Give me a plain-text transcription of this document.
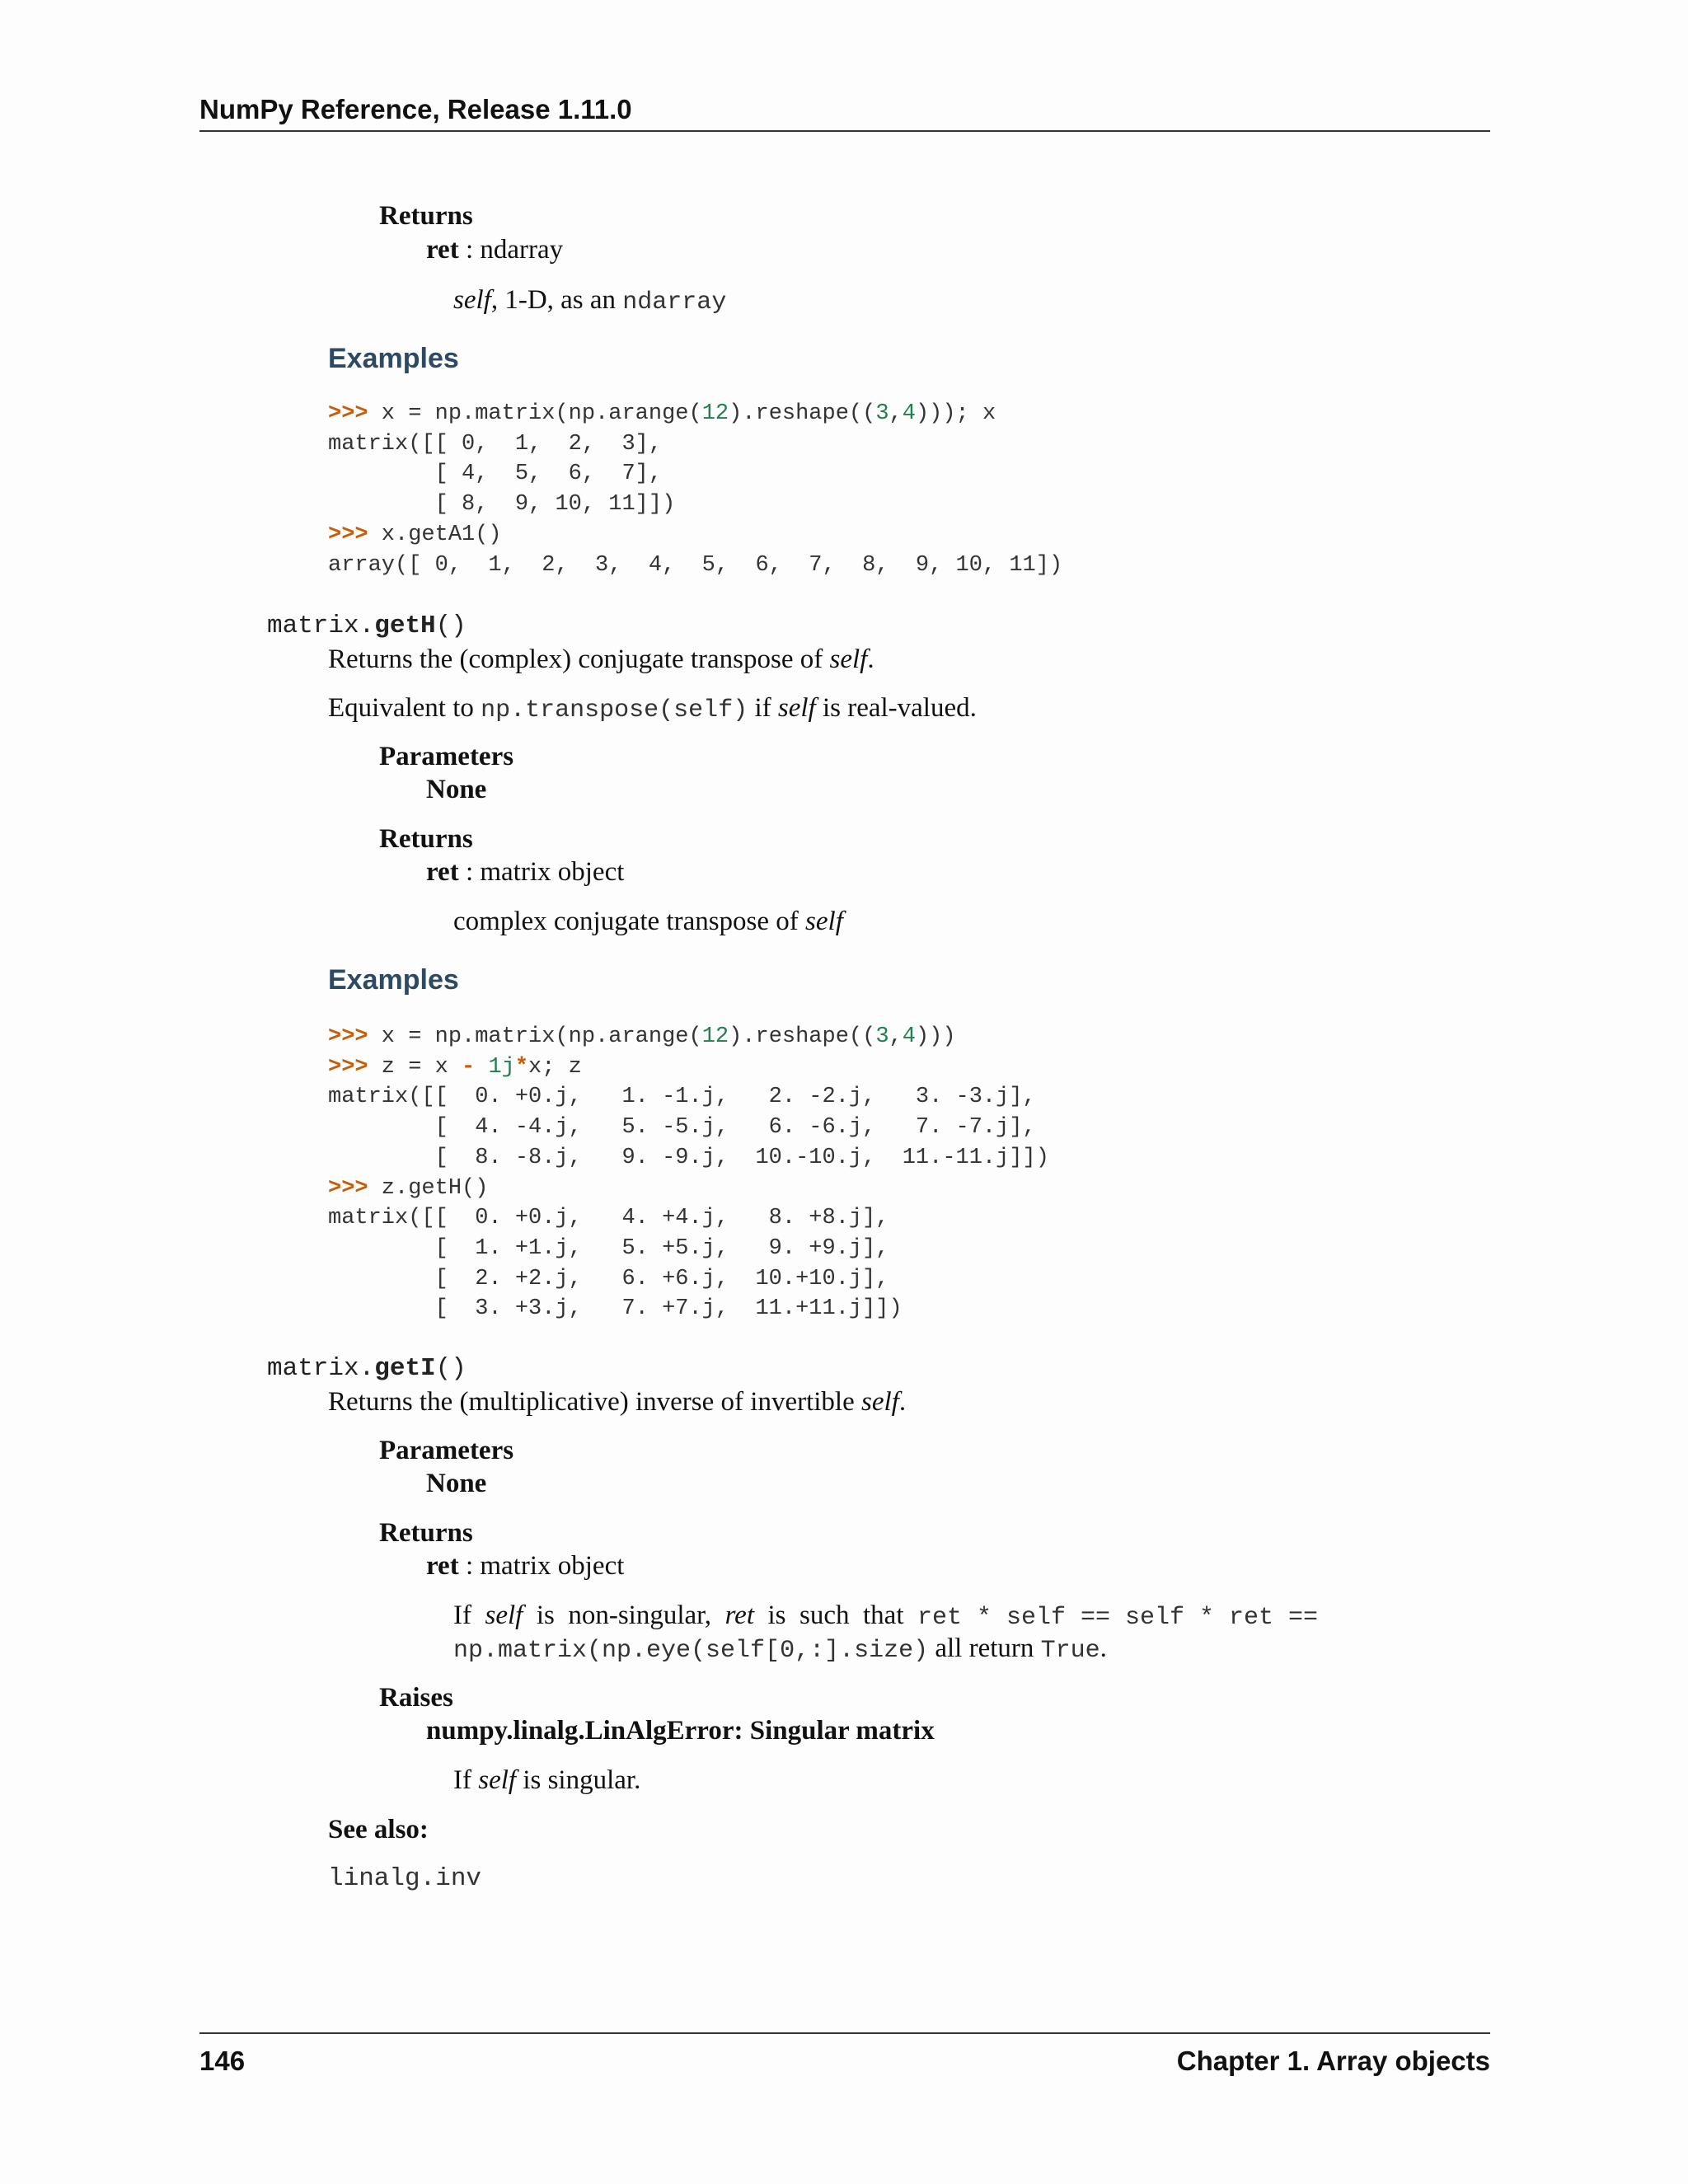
NumPy Reference, Release 1.11.0
Returns
ret : ndarray
self, 1-D, as an ndarray
Examples
>>> x = np.matrix(np.arange(12).reshape((3,4))); x
matrix([[ 0,  1,  2,  3],
[ 4,  5,  6,  7],
[ 8,  9, 10, 11]])
>>> x.getA1()
array([ 0,  1,  2,  3,  4,  5,  6,  7,  8,  9, 10, 11])
matrix.getH()
Returns the (complex) conjugate transpose of self.
Equivalent to np.transpose(self) if self is real-valued.
Parameters
None
Returns
ret : matrix object
complex conjugate transpose of self
Examples
>>> x = np.matrix(np.arange(12).reshape((3,4)))
>>> z = x - 1j*x; z
matrix([[  0. +0.j,   1. -1.j,   2. -2.j,   3. -3.j],
[  4. -4.j,   5. -5.j,   6. -6.j,   7. -7.j],
[  8. -8.j,   9. -9.j,  10.-10.j,  11.-11.j]])
>>> z.getH()
matrix([[  0. +0.j,   4. +4.j,   8. +8.j],
[  1. +1.j,   5. +5.j,   9. +9.j],
[  2. +2.j,   6. +6.j,  10.+10.j],
[  3. +3.j,   7. +7.j,  11.+11.j]])
matrix.getI()
Returns the (multiplicative) inverse of invertible self.
Parameters
None
Returns
ret : matrix object
If  self  is  non-singular,  ret  is  such  that  ret * self == self * ret ==
np.matrix(np.eye(self[0,:].size) all return True.
Raises
numpy.linalg.LinAlgError: Singular matrix
If self is singular.
See also:
linalg.inv
146	Chapter 1. Array objects
